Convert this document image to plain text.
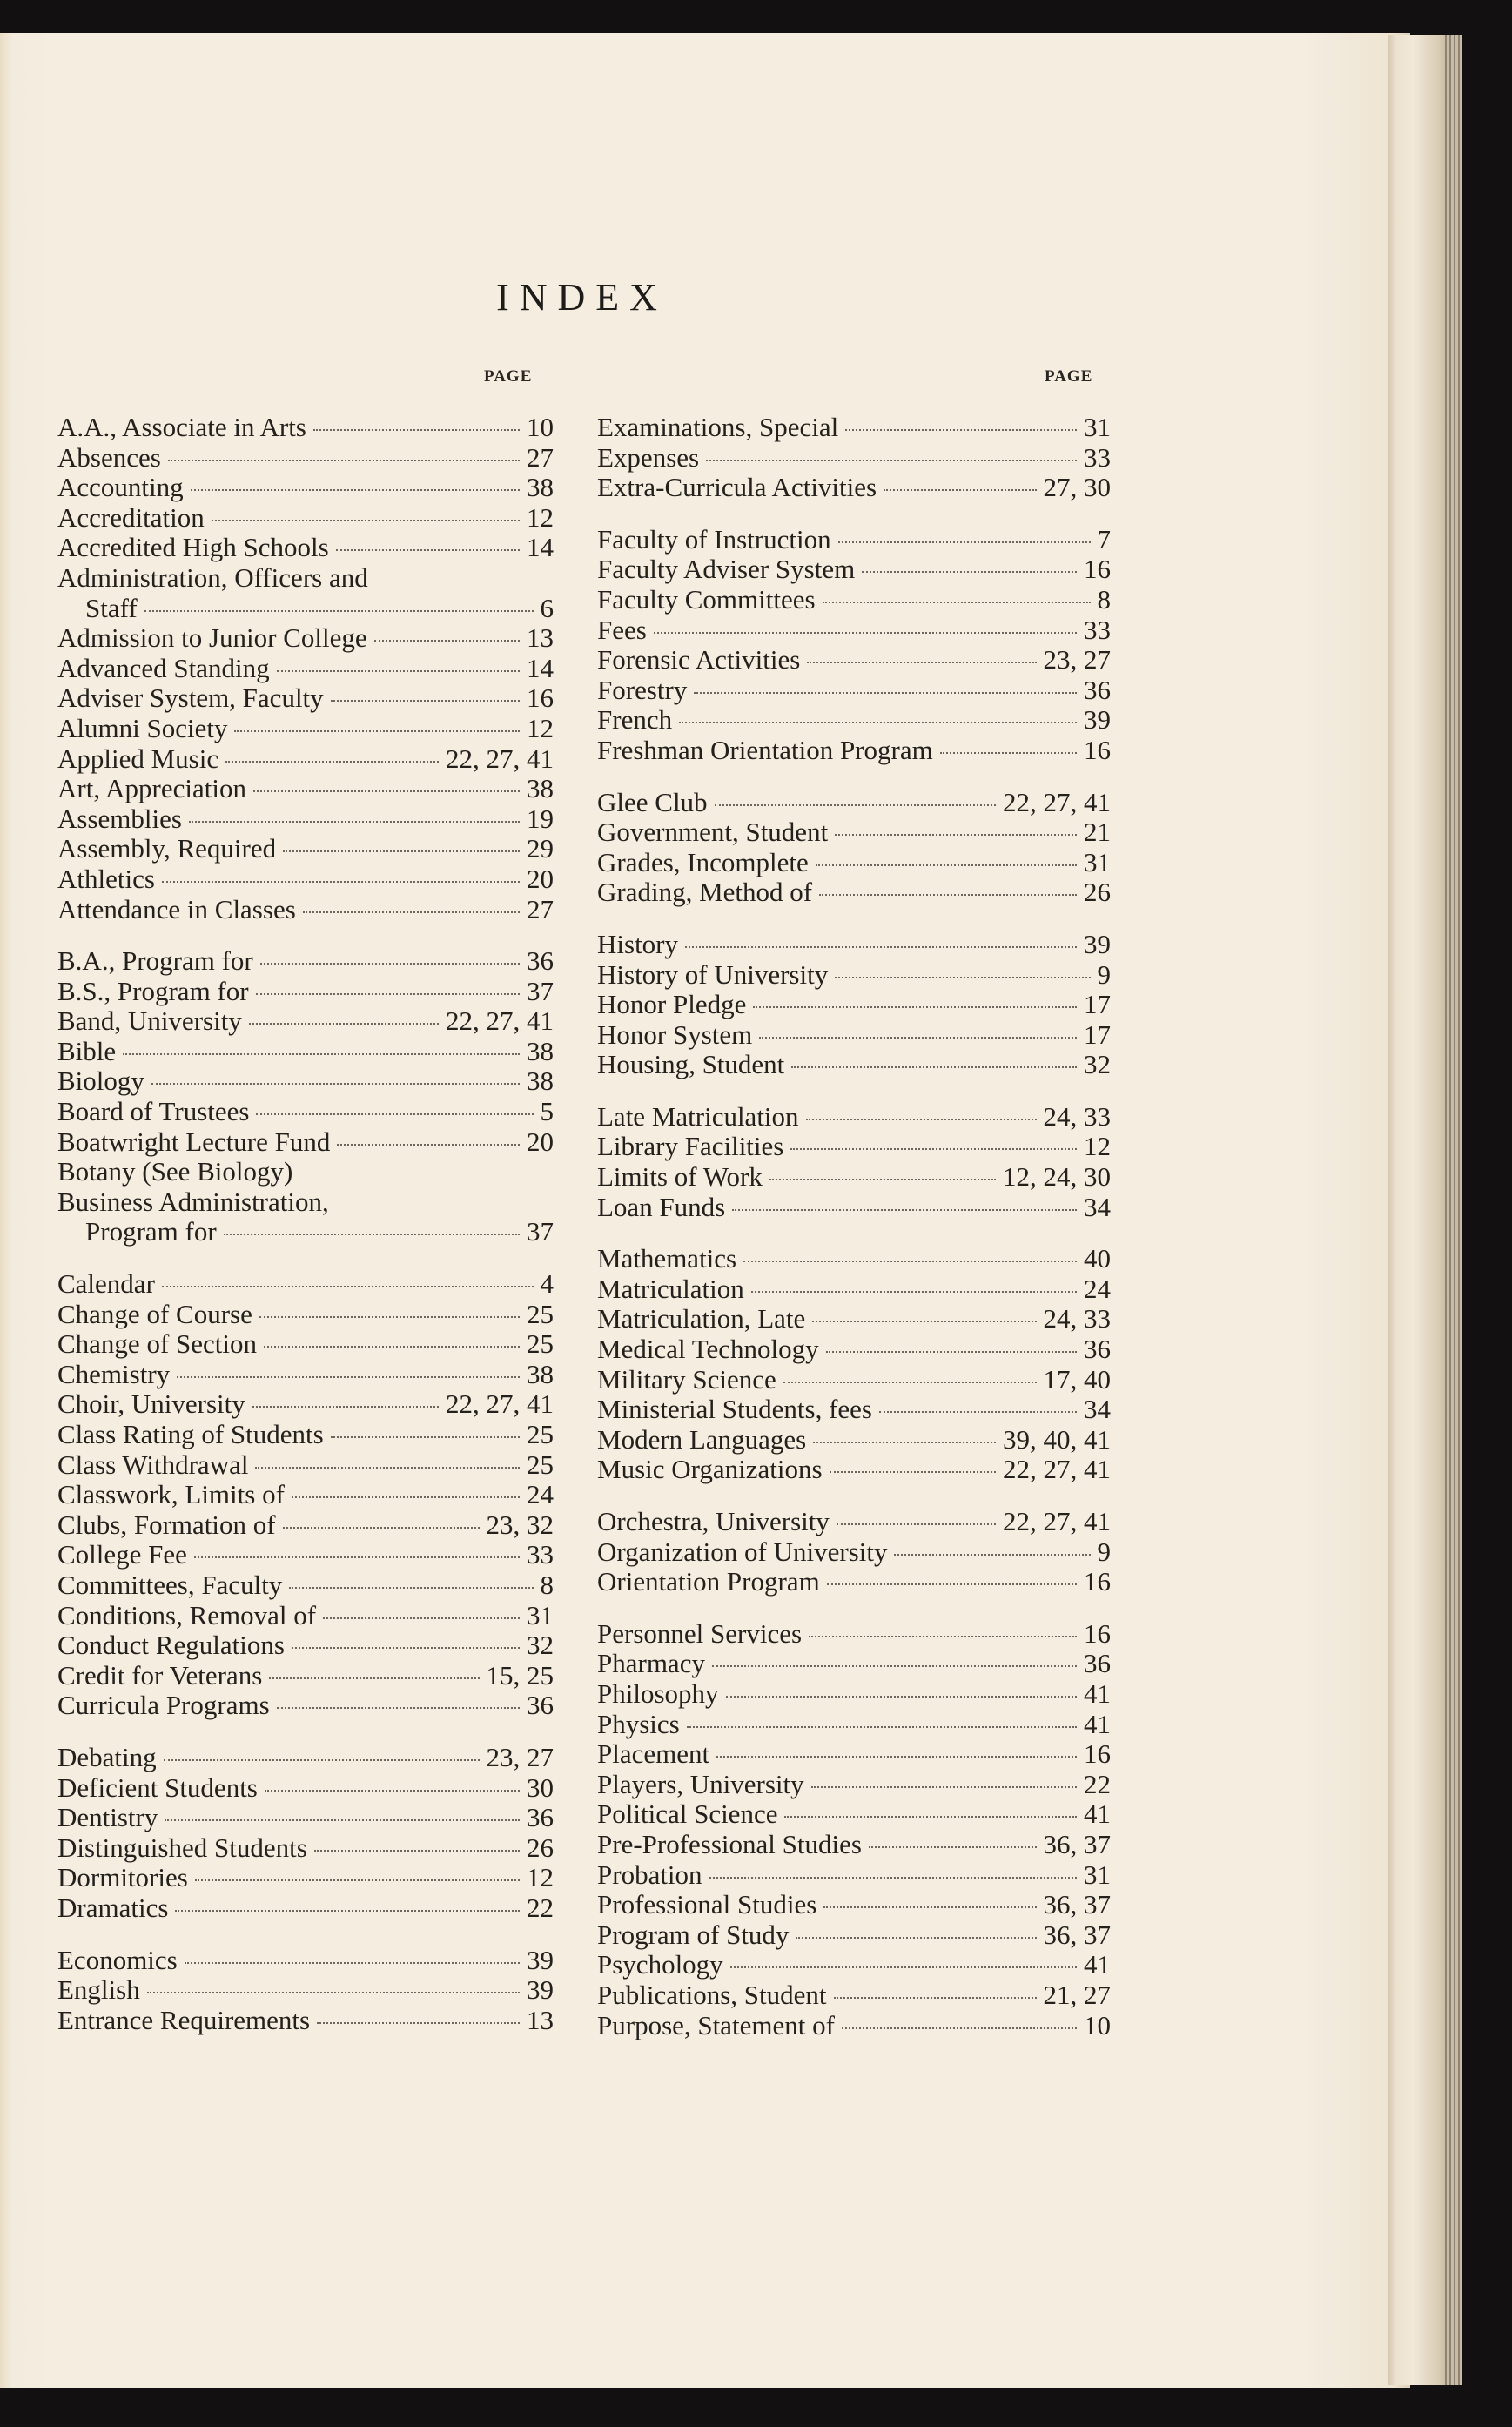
INDEX
PAGE	PAGE
A.A., Associate in Arts	10
Absences	27
Accounting	38
Accreditation	12
Accredited High Schools	14
Administration, Officers and
Staff	6
Admission to Junior College	13
Advanced Standing	14
Adviser System, Faculty	16
Alumni Society	12
Applied Music	22, 27, 41
Art, Appreciation	38
Assemblies	19
Assembly, Required	29
Athletics	20
Attendance in Classes	27
B.A., Program for	36
B.S., Program for	37
Band, University	22, 27, 41
Bible	38
Biology	38
Board of Trustees	5
Boatwright Lecture Fund	20
Botany (See Biology)
Business Administration,
Program for	37
Calendar	4
Change of Course	25
Change of Section	25
Chemistry	38
Choir, University	22, 27, 41
Class Rating of Students	25
Class Withdrawal	25
Classwork, Limits of	24
Clubs, Formation of	23, 32
College Fee	33
Committees, Faculty	8
Conditions, Removal of	31
Conduct Regulations	32
Credit for Veterans	15, 25
Curricula Programs	36
Debating	23, 27
Deficient Students	30
Dentistry	36
Distinguished Students	26
Dormitories	12
Dramatics	22
Economics	39
English	39
Entrance Requirements	13
Examinations, Special	31
Expenses	33
Extra-Curricula Activities	27, 30
Faculty of Instruction	7
Faculty Adviser System	16
Faculty Committees	8
Fees	33
Forensic Activities	23, 27
Forestry	36
French	39
Freshman Orientation Program	16
Glee Club	22, 27, 41
Government, Student	21
Grades, Incomplete	31
Grading, Method of	26
History	39
History of University	9
Honor Pledge	17
Honor System	17
Housing, Student	32
Late Matriculation	24, 33
Library Facilities	12
Limits of Work	12, 24, 30
Loan Funds	34
Mathematics	40
Matriculation	24
Matriculation, Late	24, 33
Medical Technology	36
Military Science	17, 40
Ministerial Students, fees	34
Modern Languages	39, 40, 41
Music Organizations	22, 27, 41
Orchestra, University	22, 27, 41
Organization of University	9
Orientation Program	16
Personnel Services	16
Pharmacy	36
Philosophy	41
Physics	41
Placement	16
Players, University	22
Political Science	41
Pre-Professional Studies	36, 37
Probation	31
Professional Studies	36, 37
Program of Study	36, 37
Psychology	41
Publications, Student	21, 27
Purpose, Statement of	10
